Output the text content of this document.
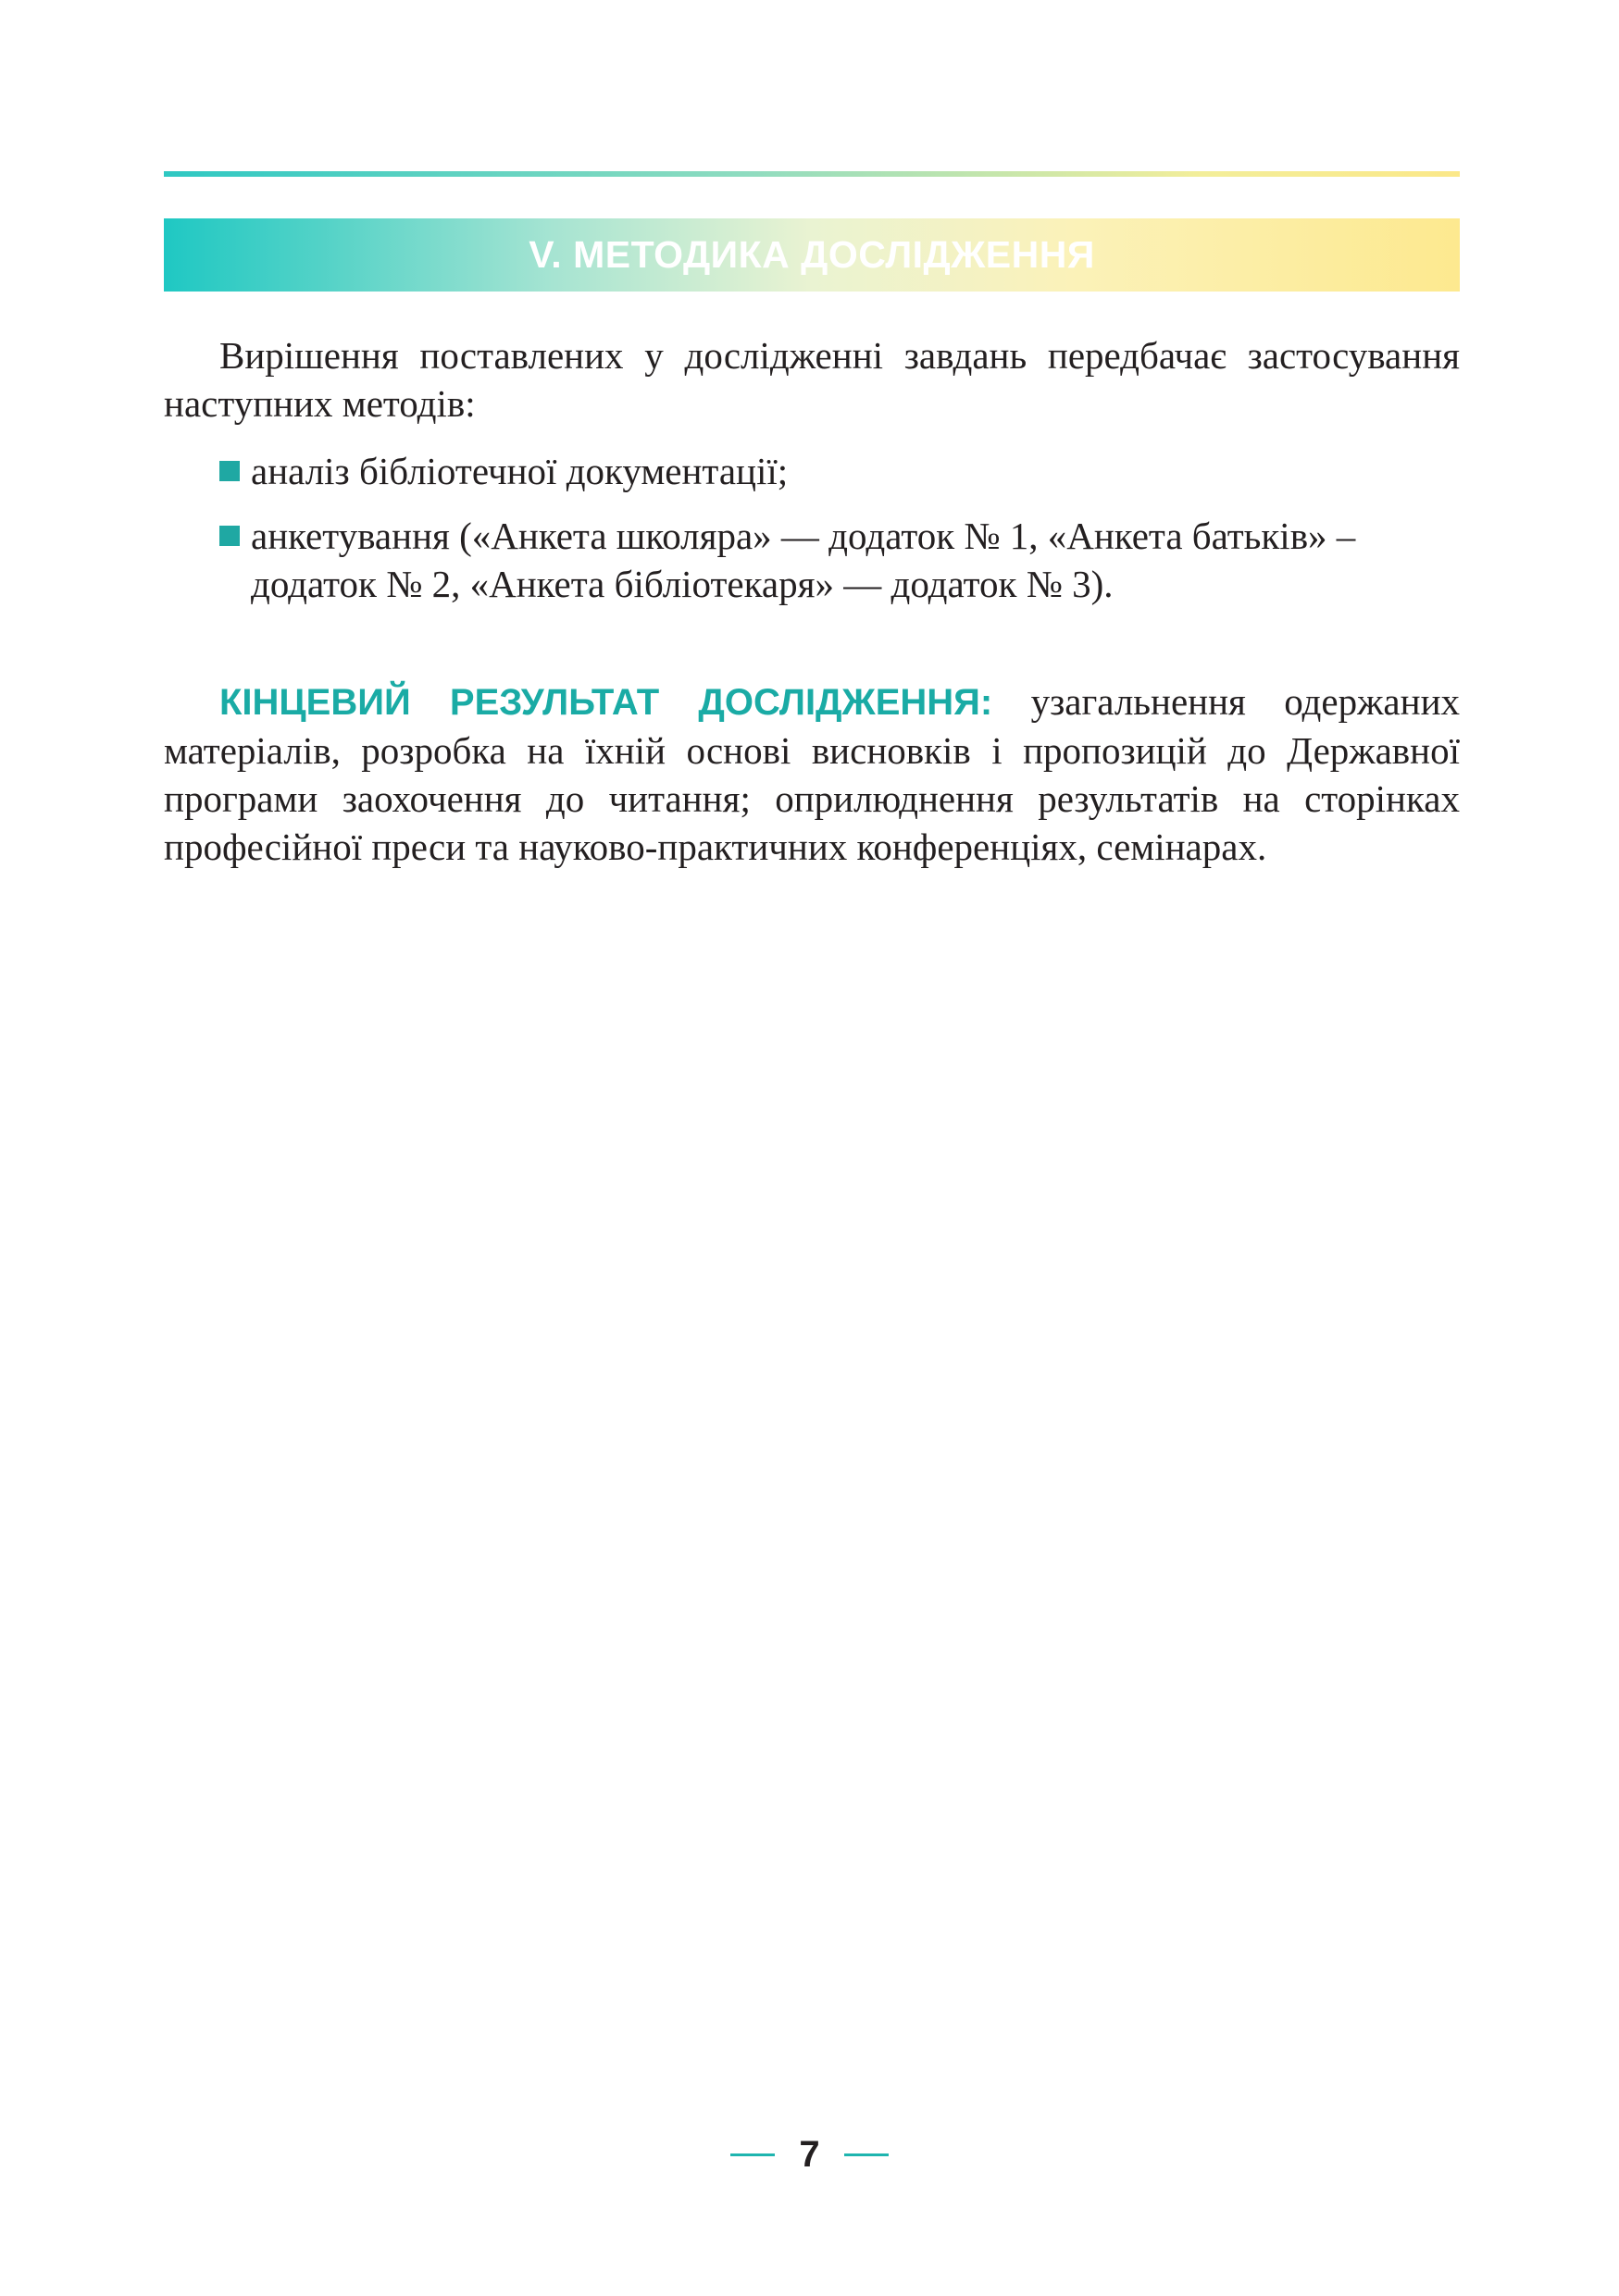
V. МЕТОДИКА ДОСЛІДЖЕННЯ

Вирішення поставлених у дослідженні завдань передбачає застосування наступних методів:

аналіз бібліотечної документації;
анкетування («Анкета школяра» — додаток № 1, «Анкета батьків» – додаток № 2, «Анкета бібліотекаря» — додаток № 3).

КІНЦЕВИЙ РЕЗУЛЬТАТ ДОСЛІДЖЕННЯ: узагальнення одержаних матеріалів, розробка на їхній основі висновків і пропозицій до Державної програми заохочення до читання; оприлюднення результатів на сторінках професійної преси та науково-практичних конференціях, семінарах.

7
